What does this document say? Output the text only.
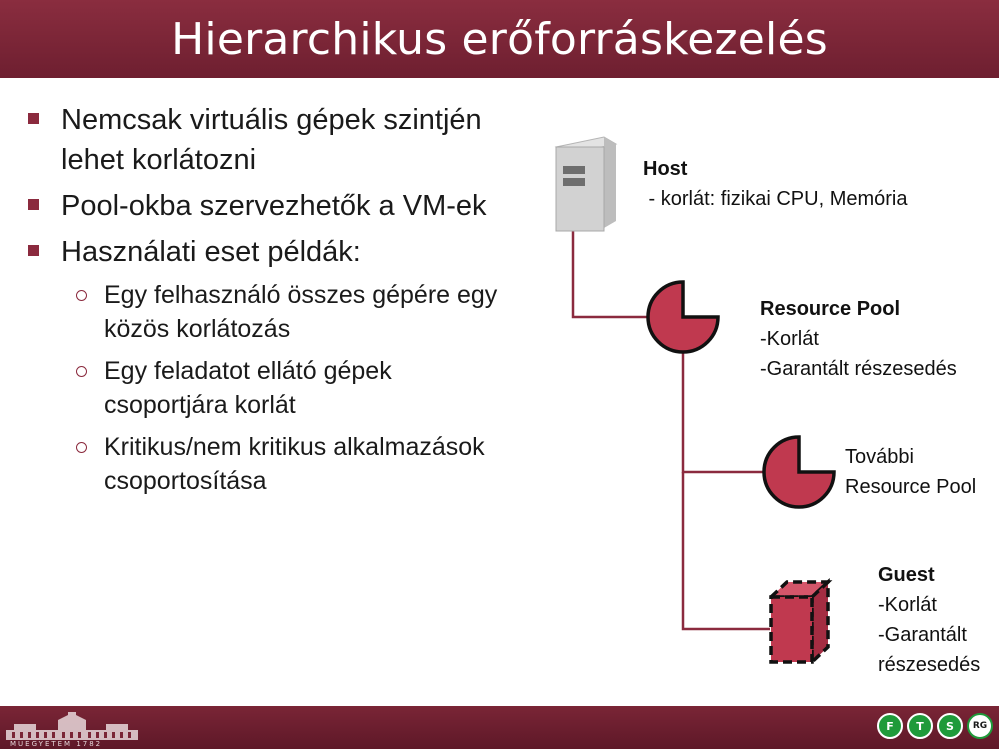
Hierarchikus erőforráskezelés
Nemcsak virtuális gépek szintjén lehet korlátozni
Pool-okba szervezhetők a VM-ek
Használati eset példák:
Egy felhasználó összes gépére egy közös korlátozás
Egy feladatot ellátó gépek csoportjára korlát
Kritikus/nem kritikus alkalmazások csoportosítása
Host
- korlát: fizikai CPU, Memória
Resource Pool
-Korlát
-Garantált részesedés
További
Resource Pool
Guest
-Korlát
-Garantált
részesedés
MŰEGYETEM 1782
F	T	S	RG
